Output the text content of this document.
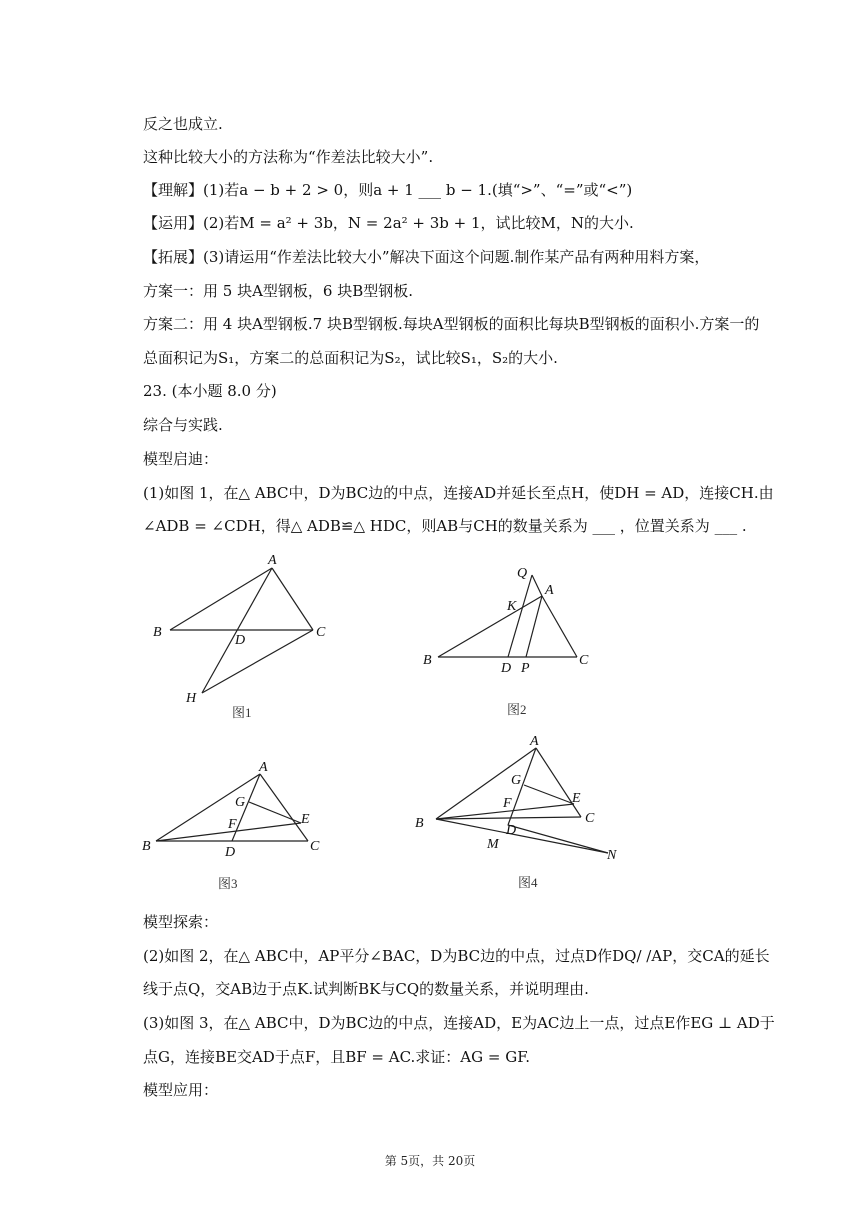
反之也成立.
这种比较大小的方法称为“作差法比较大小”.
【理解】(1)若a − b + 2 > 0，则a + 1 ___ b − 1.(填“>”、“=”或“<”)
【运用】(2)若M = a² + 3b，N = 2a² + 3b + 1，试比较M，N的大小.
【拓展】(3)请运用“作差法比较大小”解决下面这个问题.制作某产品有两种用料方案，
方案一：用 5 块A型钢板，6 块B型钢板.
方案二：用 4 块A型钢板.7 块B型钢板.每块A型钢板的面积比每块B型钢板的面积小.方案一的
总面积记为S₁，方案二的总面积记为S₂，试比较S₁，S₂的大小.
23. (本小题 8.0 分)
综合与实践.
模型启迪：
(1)如图 1，在△ ABC中，D为BC边的中点，连接AD并延长至点H，使DH = AD，连接CH.由
∠ADB = ∠CDH，得△ ADB≌△ HDC，则AB与CH的数量关系为 ___ ，位置关系为 ___ .
A
B	C
D
H
图1
Q
A
K
B
D P
C
图2
A
G
E
F
B	D	C
图3
A
G
E
F
C
B	D
M
N
图4
模型探索：
(2)如图 2，在△ ABC中，AP平分∠BAC，D为BC边的中点，过点D作DQ/ /AP，交CA的延长
线于点Q，交AB边于点K.试判断BK与CQ的数量关系，并说明理由.
(3)如图 3，在△ ABC中，D为BC边的中点，连接AD，E为AC边上一点，过点E作EG ⊥ AD于
点G，连接BE交AD于点F，且BF = AC.求证：AG = GF.
模型应用：
第 5页，共 20页
